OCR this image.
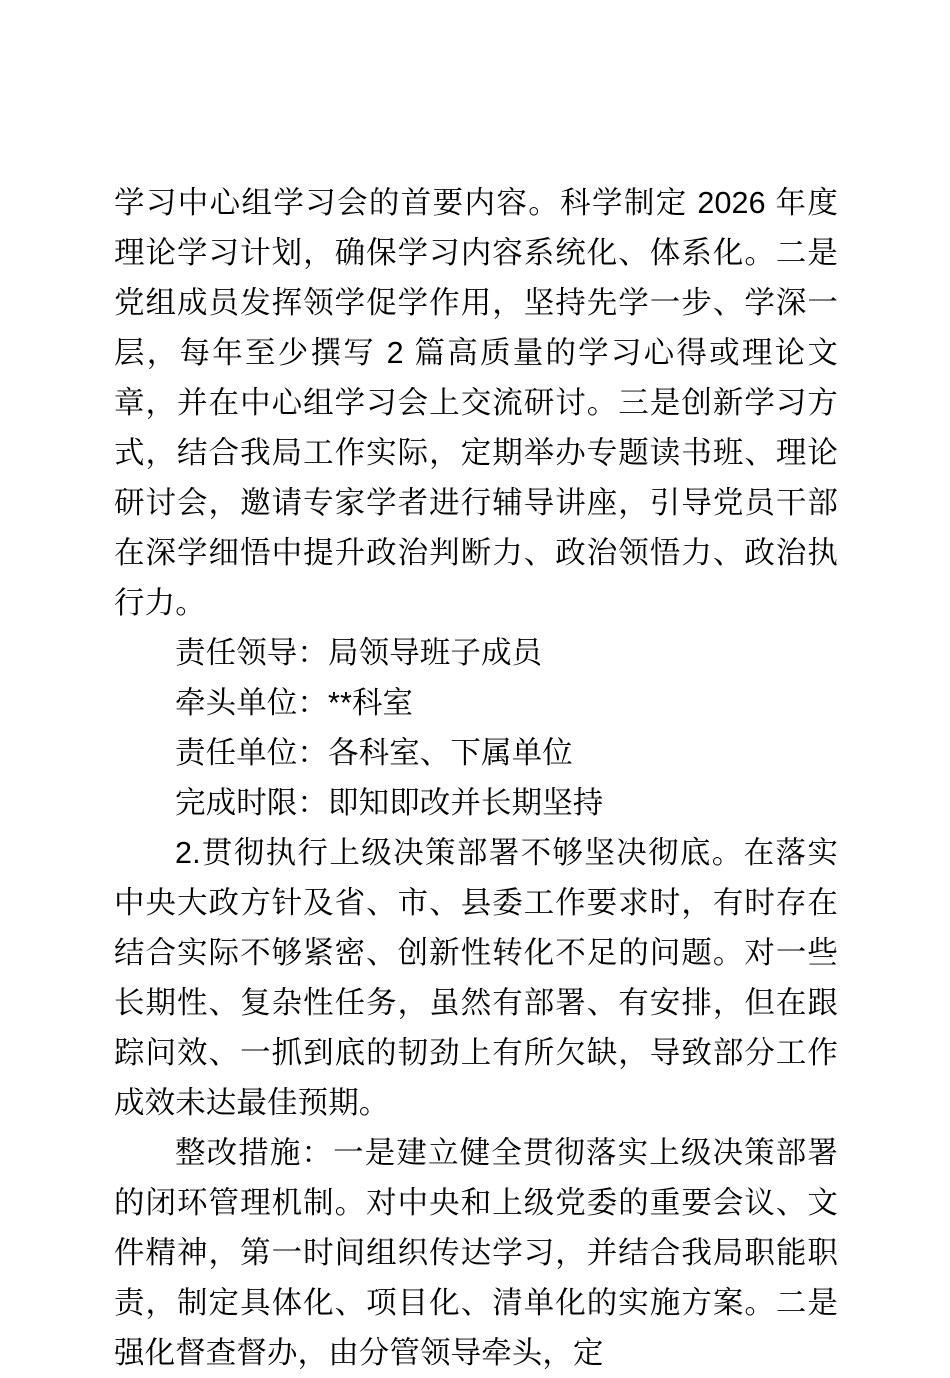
学习中心组学习会的首要内容。科学制定 2026 年度理论学习计划，确保学习内容系统化、体系化。二是党组成员发挥领学促学作用，坚持先学一步、学深一层，每年至少撰写 2 篇高质量的学习心得或理论文章，并在中心组学习会上交流研讨。三是创新学习方式，结合我局工作实际，定期举办专题读书班、理论研讨会，邀请专家学者进行辅导讲座，引导党员干部在深学细悟中提升政治判断力、政治领悟力、政治执行力。

责任领导：局领导班子成员

牵头单位：**科室

责任单位：各科室、下属单位

完成时限：即知即改并长期坚持

2.贯彻执行上级决策部署不够坚决彻底。在落实中央大政方针及省、市、县委工作要求时，有时存在结合实际不够紧密、创新性转化不足的问题。对一些长期性、复杂性任务，虽然有部署、有安排，但在跟踪问效、一抓到底的韧劲上有所欠缺，导致部分工作成效未达最佳预期。

整改措施：一是建立健全贯彻落实上级决策部署的闭环管理机制。对中央和上级党委的重要会议、文件精神，第一时间组织传达学习，并结合我局职能职责，制定具体化、项目化、清单化的实施方案。二是强化督查督办，由分管领导牵头，定
